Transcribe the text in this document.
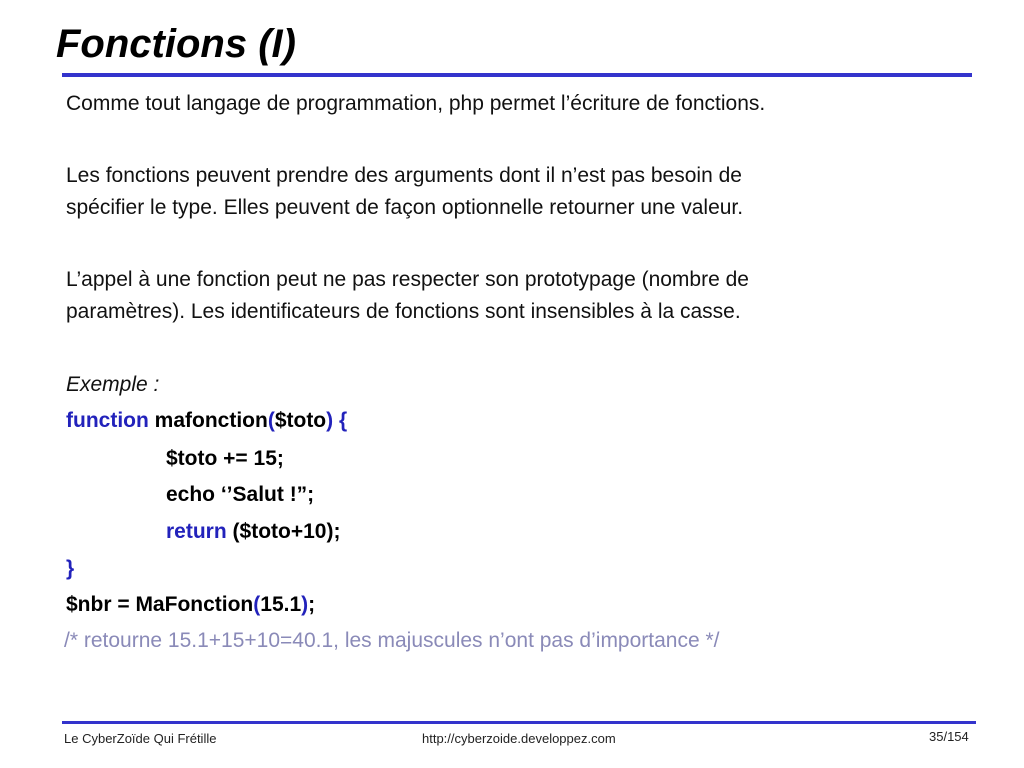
Fonctions (I)
Comme tout langage de programmation, php permet l’écriture de fonctions.
Les fonctions peuvent prendre des arguments dont il n’est pas besoin de
spécifier le type. Elles peuvent de façon optionnelle retourner une valeur.
L’appel à une fonction peut ne pas respecter son prototypage (nombre de
paramètres). Les identificateurs de fonctions sont insensibles à la casse.
Exemple :
function mafonction($toto) {
$toto += 15;
echo ‘’Salut !”;
return ($toto+10);
}
$nbr = MaFonction(15.1);
/* retourne 15.1+15+10=40.1, les majuscules n’ont pas d’importance */
Le CyberZoïde Qui Frétille	http://cyberzoide.developpez.com	35/154
